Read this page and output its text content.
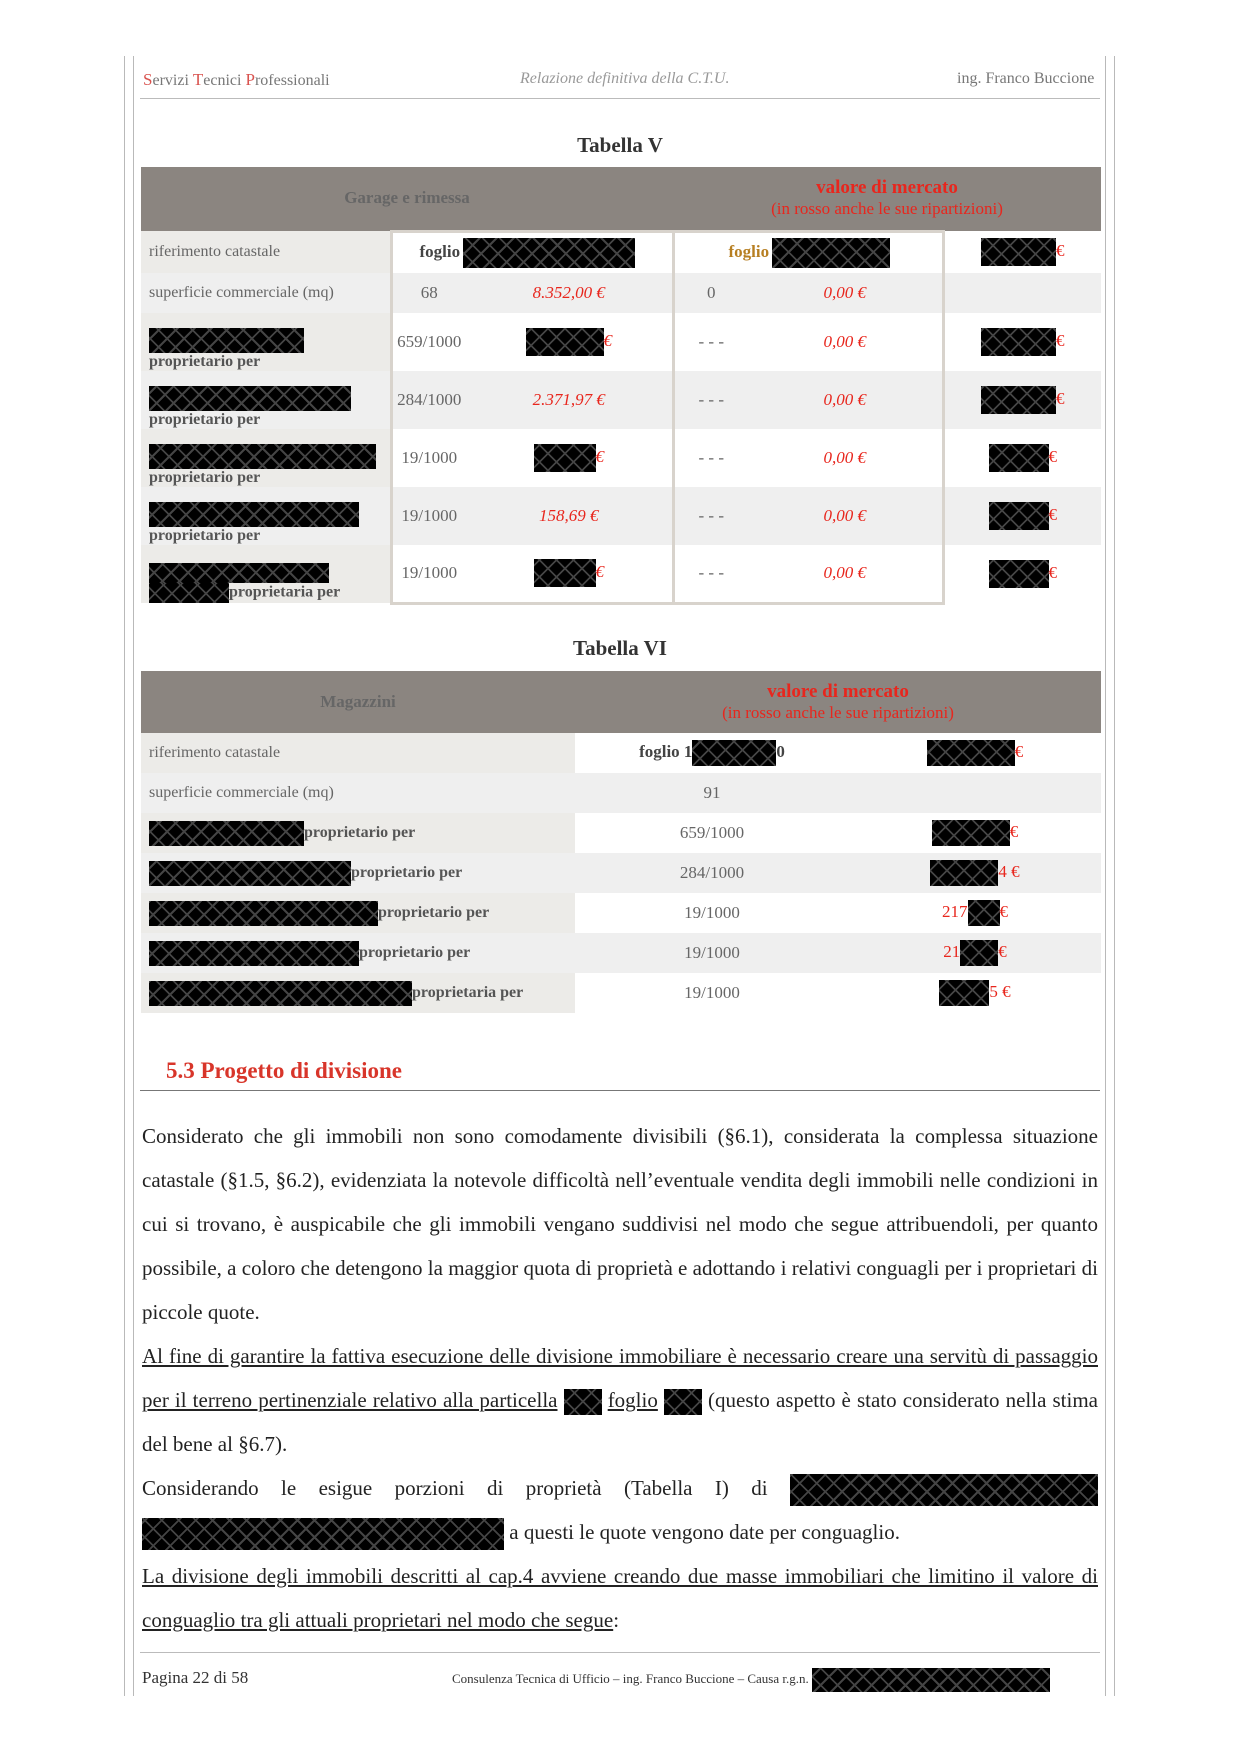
Servizi Tecnici Professionali	Relazione definitiva della C.T.U.	ing. Franco Buccione
Tabella V
Garage e rimessa			valore di mercato
(in rosso anche le sue ripartizioni)		

riferimento catastale	foglio		foglio		€
superficie commerciale (mq)	68	8.352,00 €	0	0,00 €	

proprietario per	659/1000	€	- - -	0,00 €	€

proprietario per	284/1000	2.371,97 €	- - -	0,00 €	€

proprietario per	19/1000	€	- - -	0,00 €	€

proprietario per	19/1000	158,69 €	- - -	0,00 €	€

proprietaria per	19/1000	€	- - -	0,00 €	€
Tabella VI
Magazzini	valore di mercato
(in rosso anche le sue ripartizioni)	

riferimento catastale	foglio 1 0	€
superficie commerciale (mq)	91	
proprietario per	659/1000	€
proprietario per	284/1000	4 €
proprietario per	19/1000	217 €
proprietario per	19/1000	21 €
proprietaria per	19/1000	5 €
5.3 Progetto di divisione
Considerato che gli immobili non sono comodamente divisibili (§6.1), considerata la complessa situazione catastale (§1.5, §6.2), evidenziata la notevole difficoltà nell’eventuale vendita degli immobili nelle condizioni in cui si trovano, è auspicabile che gli immobili vengano suddivisi nel modo che segue attribuendoli, per quanto possibile, a coloro che detengono la maggior quota di proprietà e adottando i relativi conguagli per i proprietari di piccole quote.
Al fine di garantire la fattiva esecuzione delle divisione immobiliare è necessario creare una servitù di passaggio per il terreno pertinenziale relativo alla particella foglio (questo aspetto è stato considerato nella stima del bene al §6.7).
Considerando le esigue porzioni di proprietà (Tabella I) di   a questi le quote vengono date per conguaglio.
La divisione degli immobili descritti al cap.4 avviene creando due masse immobiliari che limitino il valore di conguaglio tra gli attuali proprietari nel modo che segue:
Pagina 22 di 58	Consulenza Tecnica di Ufficio – ing. Franco Buccione – Causa r.g.n.
